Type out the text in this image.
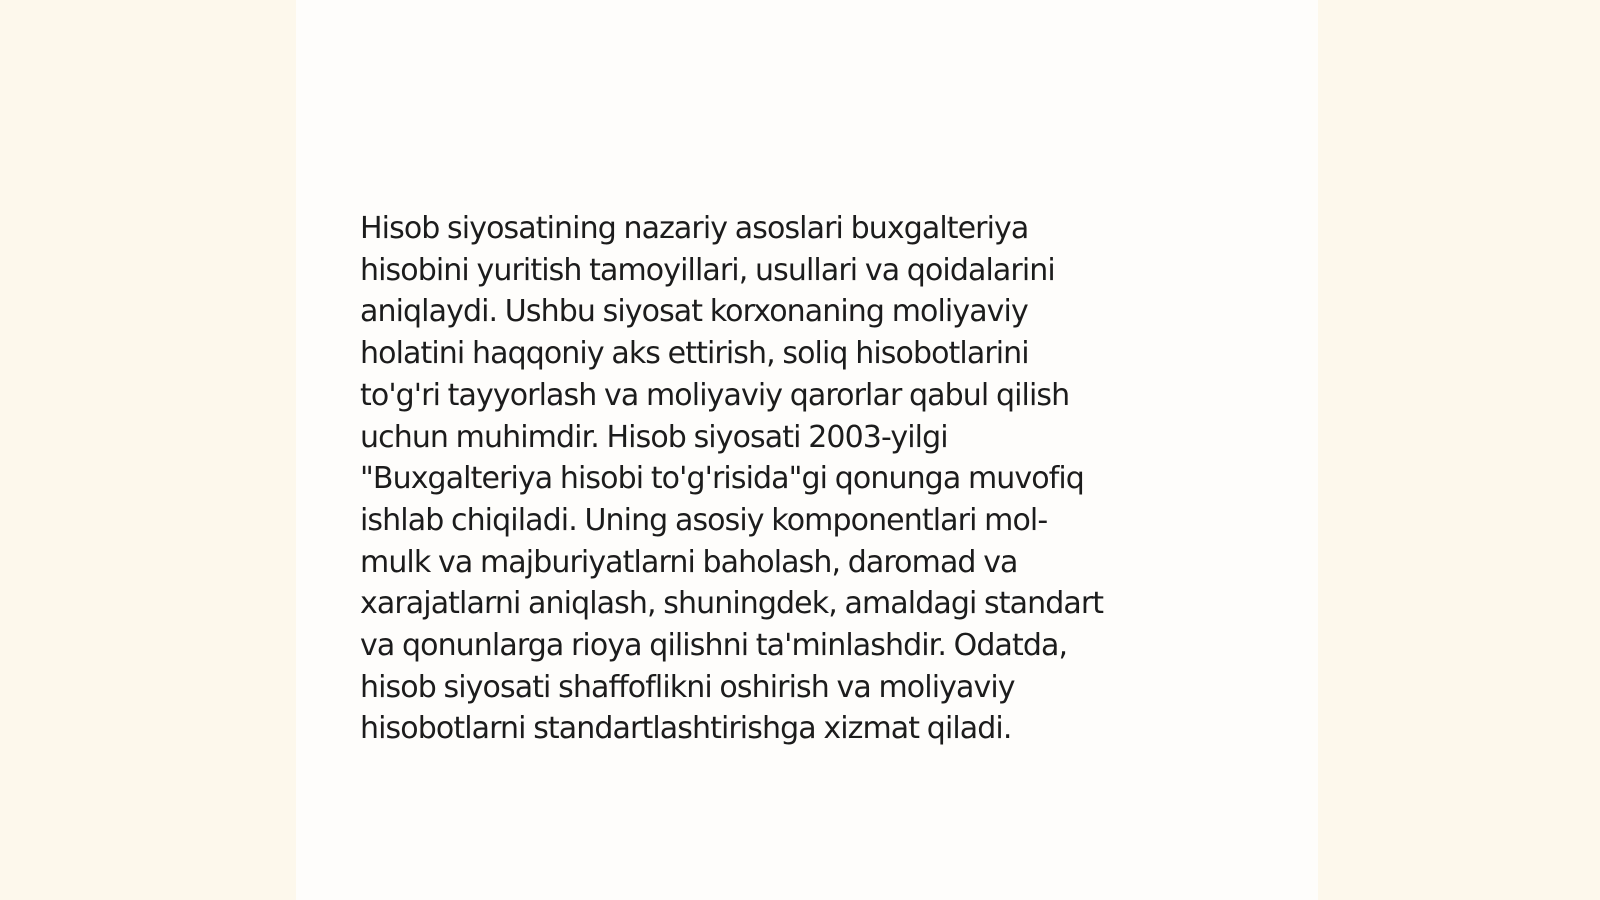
Hisob siyosatining nazariy asoslari buxgalteriya
hisobini yuritish tamoyillari, usullari va qoidalarini
aniqlaydi. Ushbu siyosat korxonaning moliyaviy
holatini haqqoniy aks ettirish, soliq hisobotlarini
to'g'ri tayyorlash va moliyaviy qarorlar qabul qilish
uchun muhimdir. Hisob siyosati 2003-yilgi
"Buxgalteriya hisobi to'g'risida"gi qonunga muvofiq
ishlab chiqiladi. Uning asosiy komponentlari mol-
mulk va majburiyatlarni baholash, daromad va
xarajatlarni aniqlash, shuningdek, amaldagi standart
va qonunlarga rioya qilishni ta'minlashdir. Odatda,
hisob siyosati shaffoflikni oshirish va moliyaviy
hisobotlarni standartlashtirishga xizmat qiladi.
